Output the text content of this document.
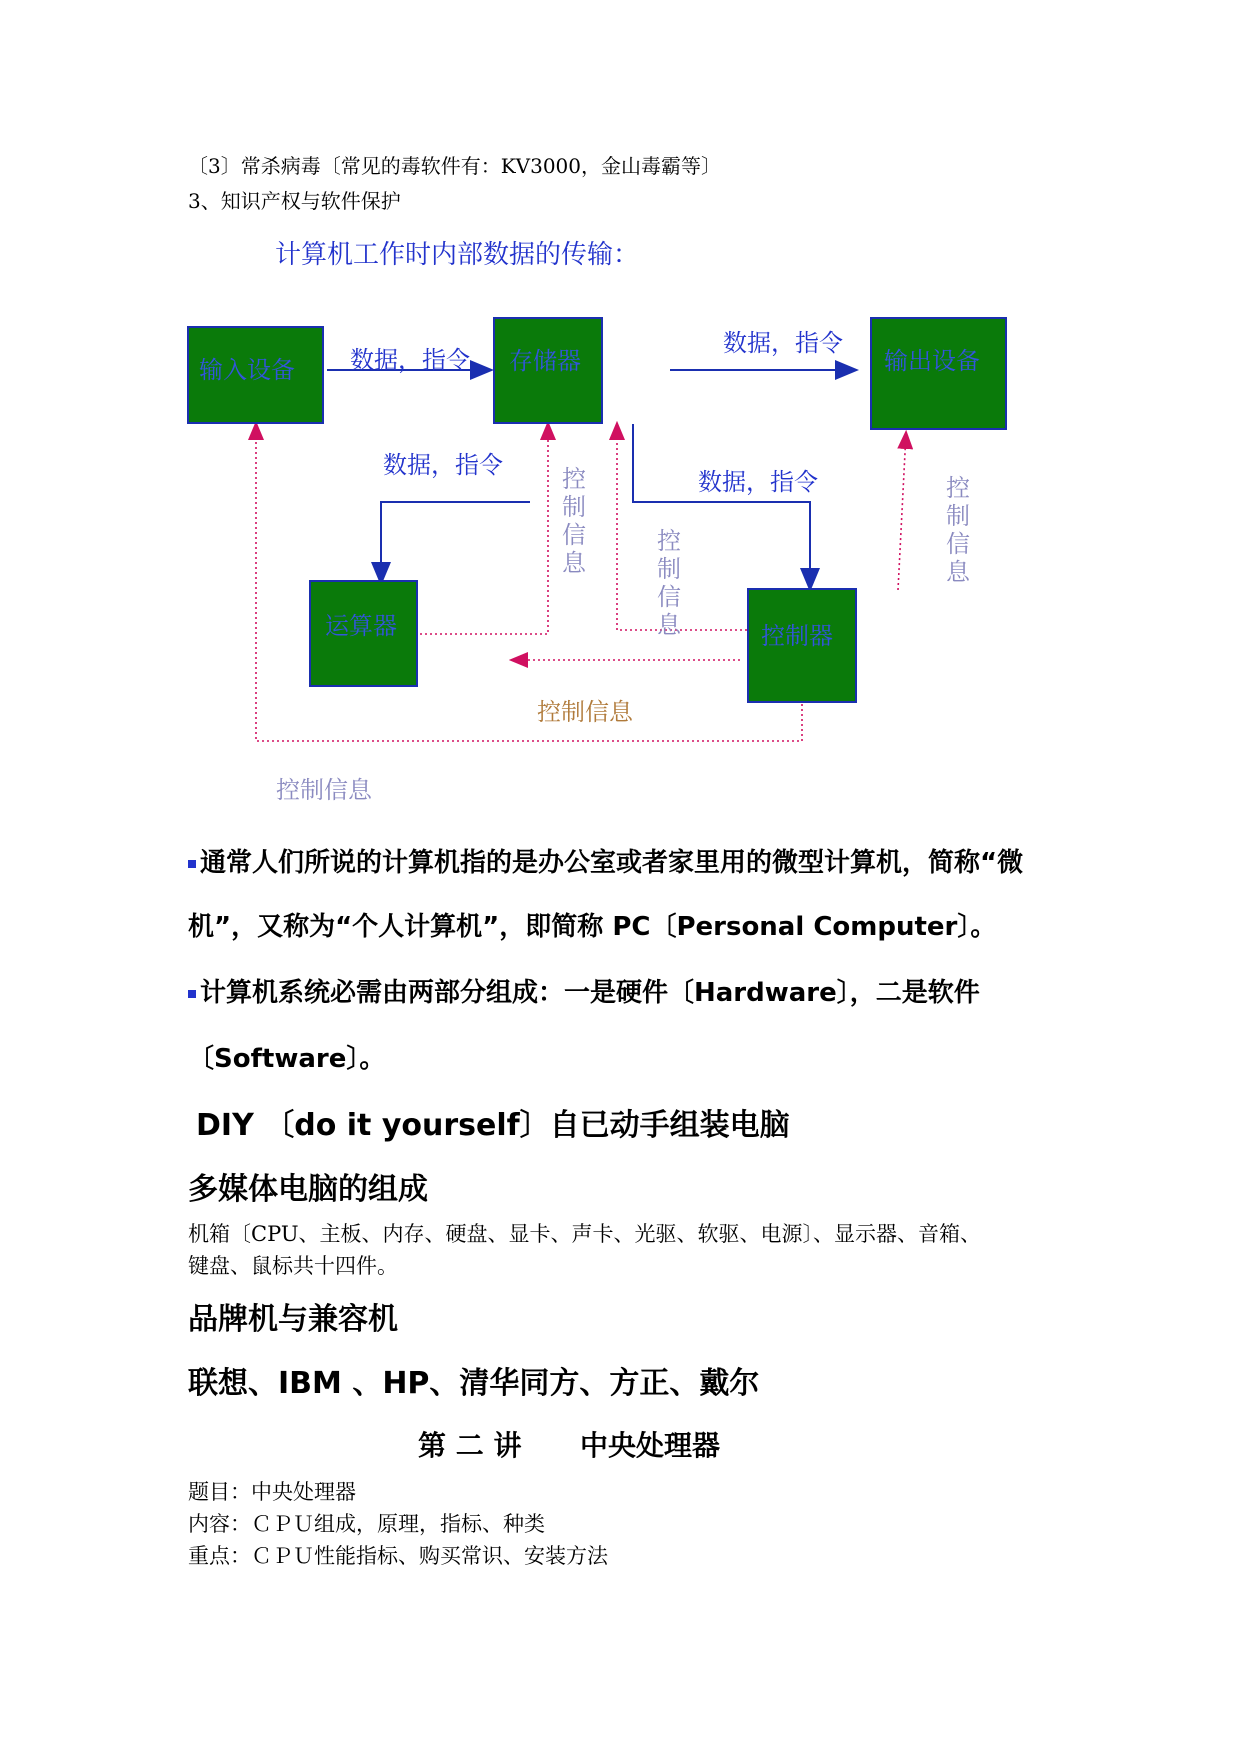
〔3〕常杀病毒〔常见的毒软件有：KV3000，金山毒霸等〕
3、知识产权与软件保护
计算机工作时内部数据的传输：
输入设备	存储器	输出设备
运算器	控制器
数据，指令
数据，指令
数据，指令
数据，指令
控制信息
控制信息
控制信息
控制信息
控制信息
通常人们所说的计算机指的是办公室或者家里用的微型计算机，简称“微
机”，又称为“个人计算机”，即简称 PC〔Personal Computer〕。
计算机系统必需由两部分组成：一是硬件〔Hardware〕，二是软件
〔Software〕。
DIY 〔do it yourself〕自已动手组装电脑
多媒体电脑的组成
机箱〔CPU、主板、内存、硬盘、显卡、声卡、光驱、软驱、电源〕、显示器、音箱、
键盘、鼠标共十四件。
品牌机与兼容机
联想、IBM 、HP、清华同方、方正、戴尔
第 二 讲      中央处理器
题目：中央处理器
内容：ＣＰＵ组成，原理，指标、种类
重点：ＣＰＵ性能指标、购买常识、安装方法
